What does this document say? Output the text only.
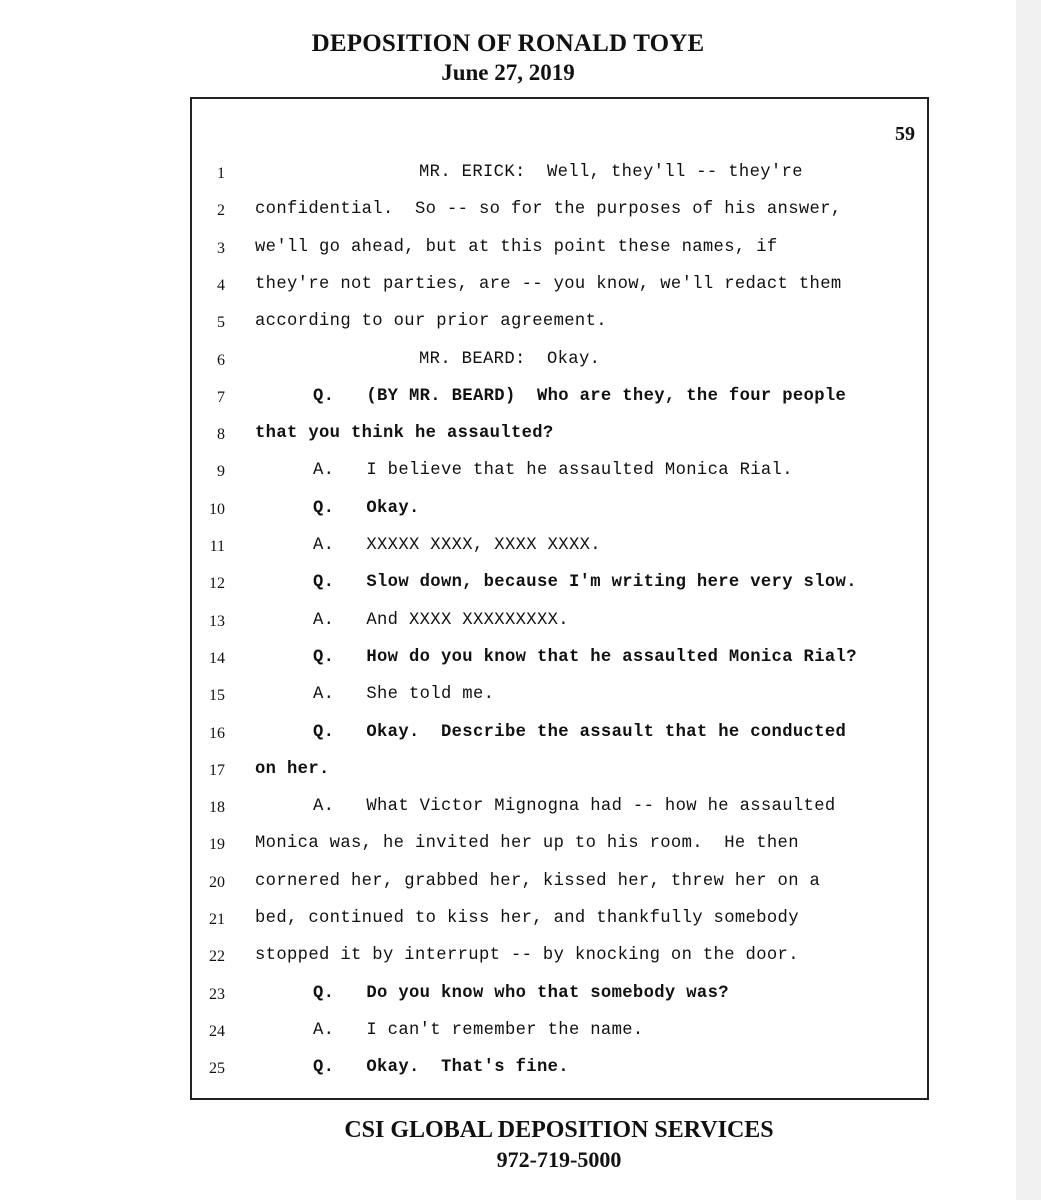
DEPOSITION OF RONALD TOYE
June 27, 2019
59
1	MR. ERICK:  Well, they'll -- they're
2 confidential.  So -- so for the purposes of his answer,
3 we'll go ahead, but at this point these names, if
4 they're not parties, are -- you know, we'll redact them
5 according to our prior agreement.
6	MR. BEARD:  Okay.
7	Q.   (BY MR. BEARD)  Who are they, the four people
8 that you think he assaulted?
9	A.   I believe that he assaulted Monica Rial.
10	Q.   Okay.
11	A.   XXXXX XXXX, XXXX XXXX.
12	Q.   Slow down, because I'm writing here very slow.
13	A.   And XXXX XXXXXXXXX.
14	Q.   How do you know that he assaulted Monica Rial?
15	A.   She told me.
16	Q.   Okay.  Describe the assault that he conducted
17 on her.
18	A.   What Victor Mignogna had -- how he assaulted
19 Monica was, he invited her up to his room.  He then
20 cornered her, grabbed her, kissed her, threw her on a
21 bed, continued to kiss her, and thankfully somebody
22 stopped it by interrupt -- by knocking on the door.
23	Q.   Do you know who that somebody was?
24	A.   I can't remember the name.
25	Q.   Okay.  That's fine.
CSI GLOBAL DEPOSITION SERVICES
972-719-5000
